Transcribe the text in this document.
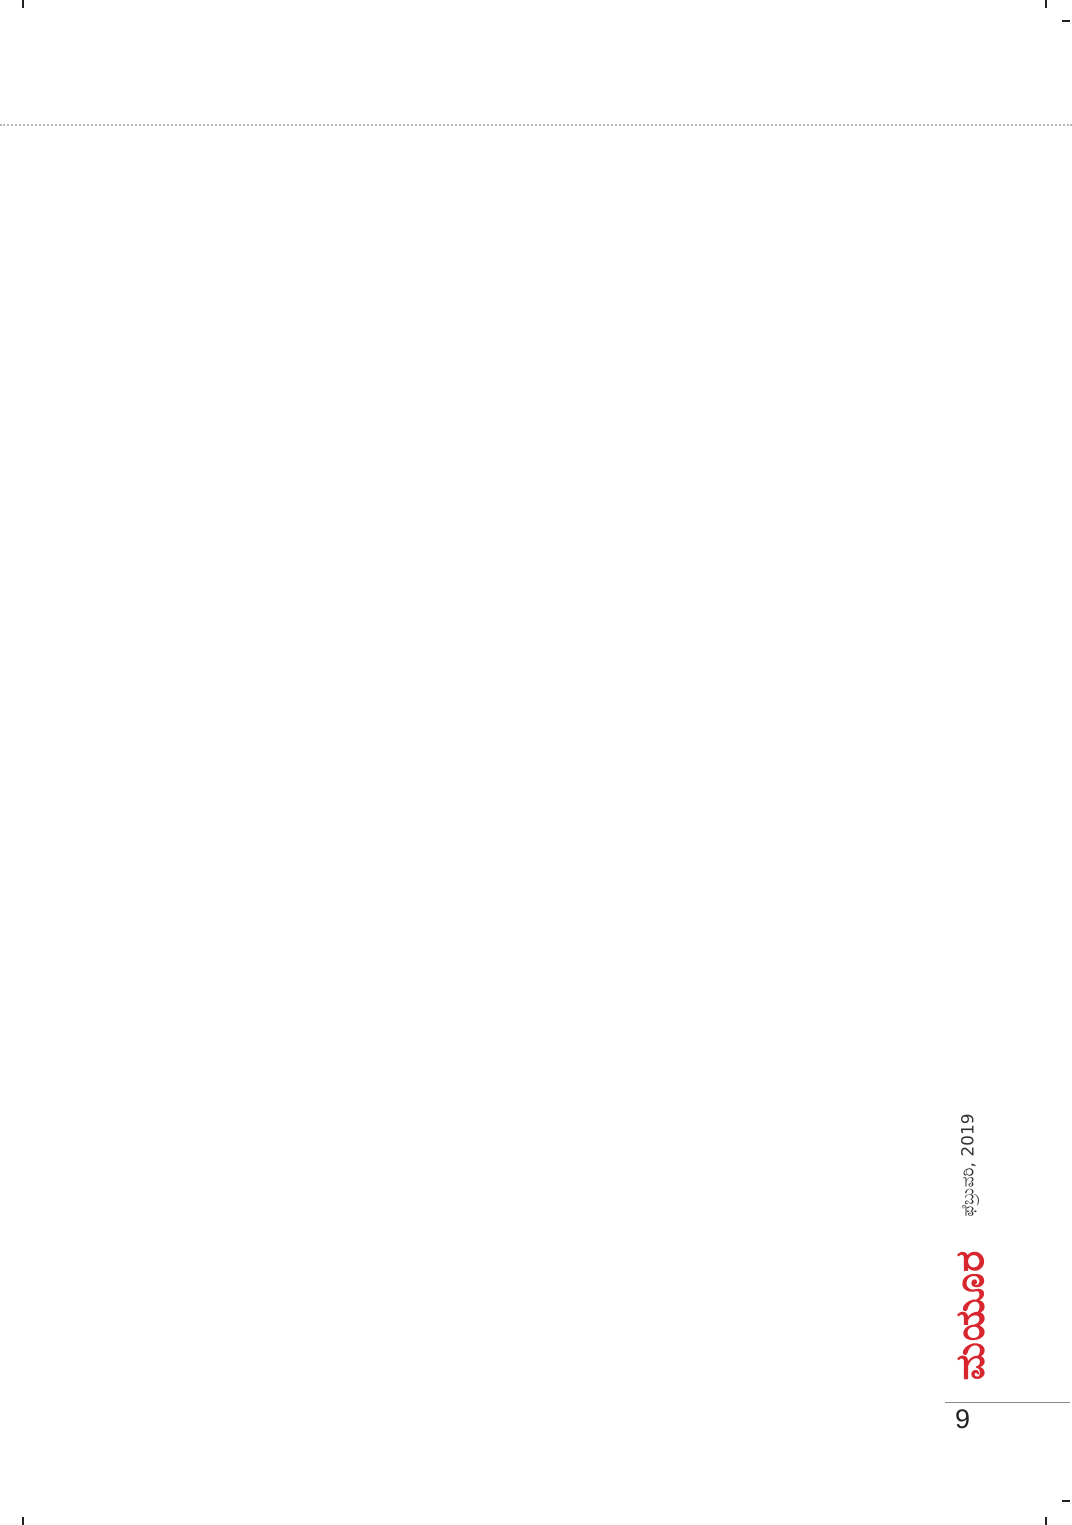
ಫೆಬ್ರುವರಿ, 2019
ಮಯೂರ
9
